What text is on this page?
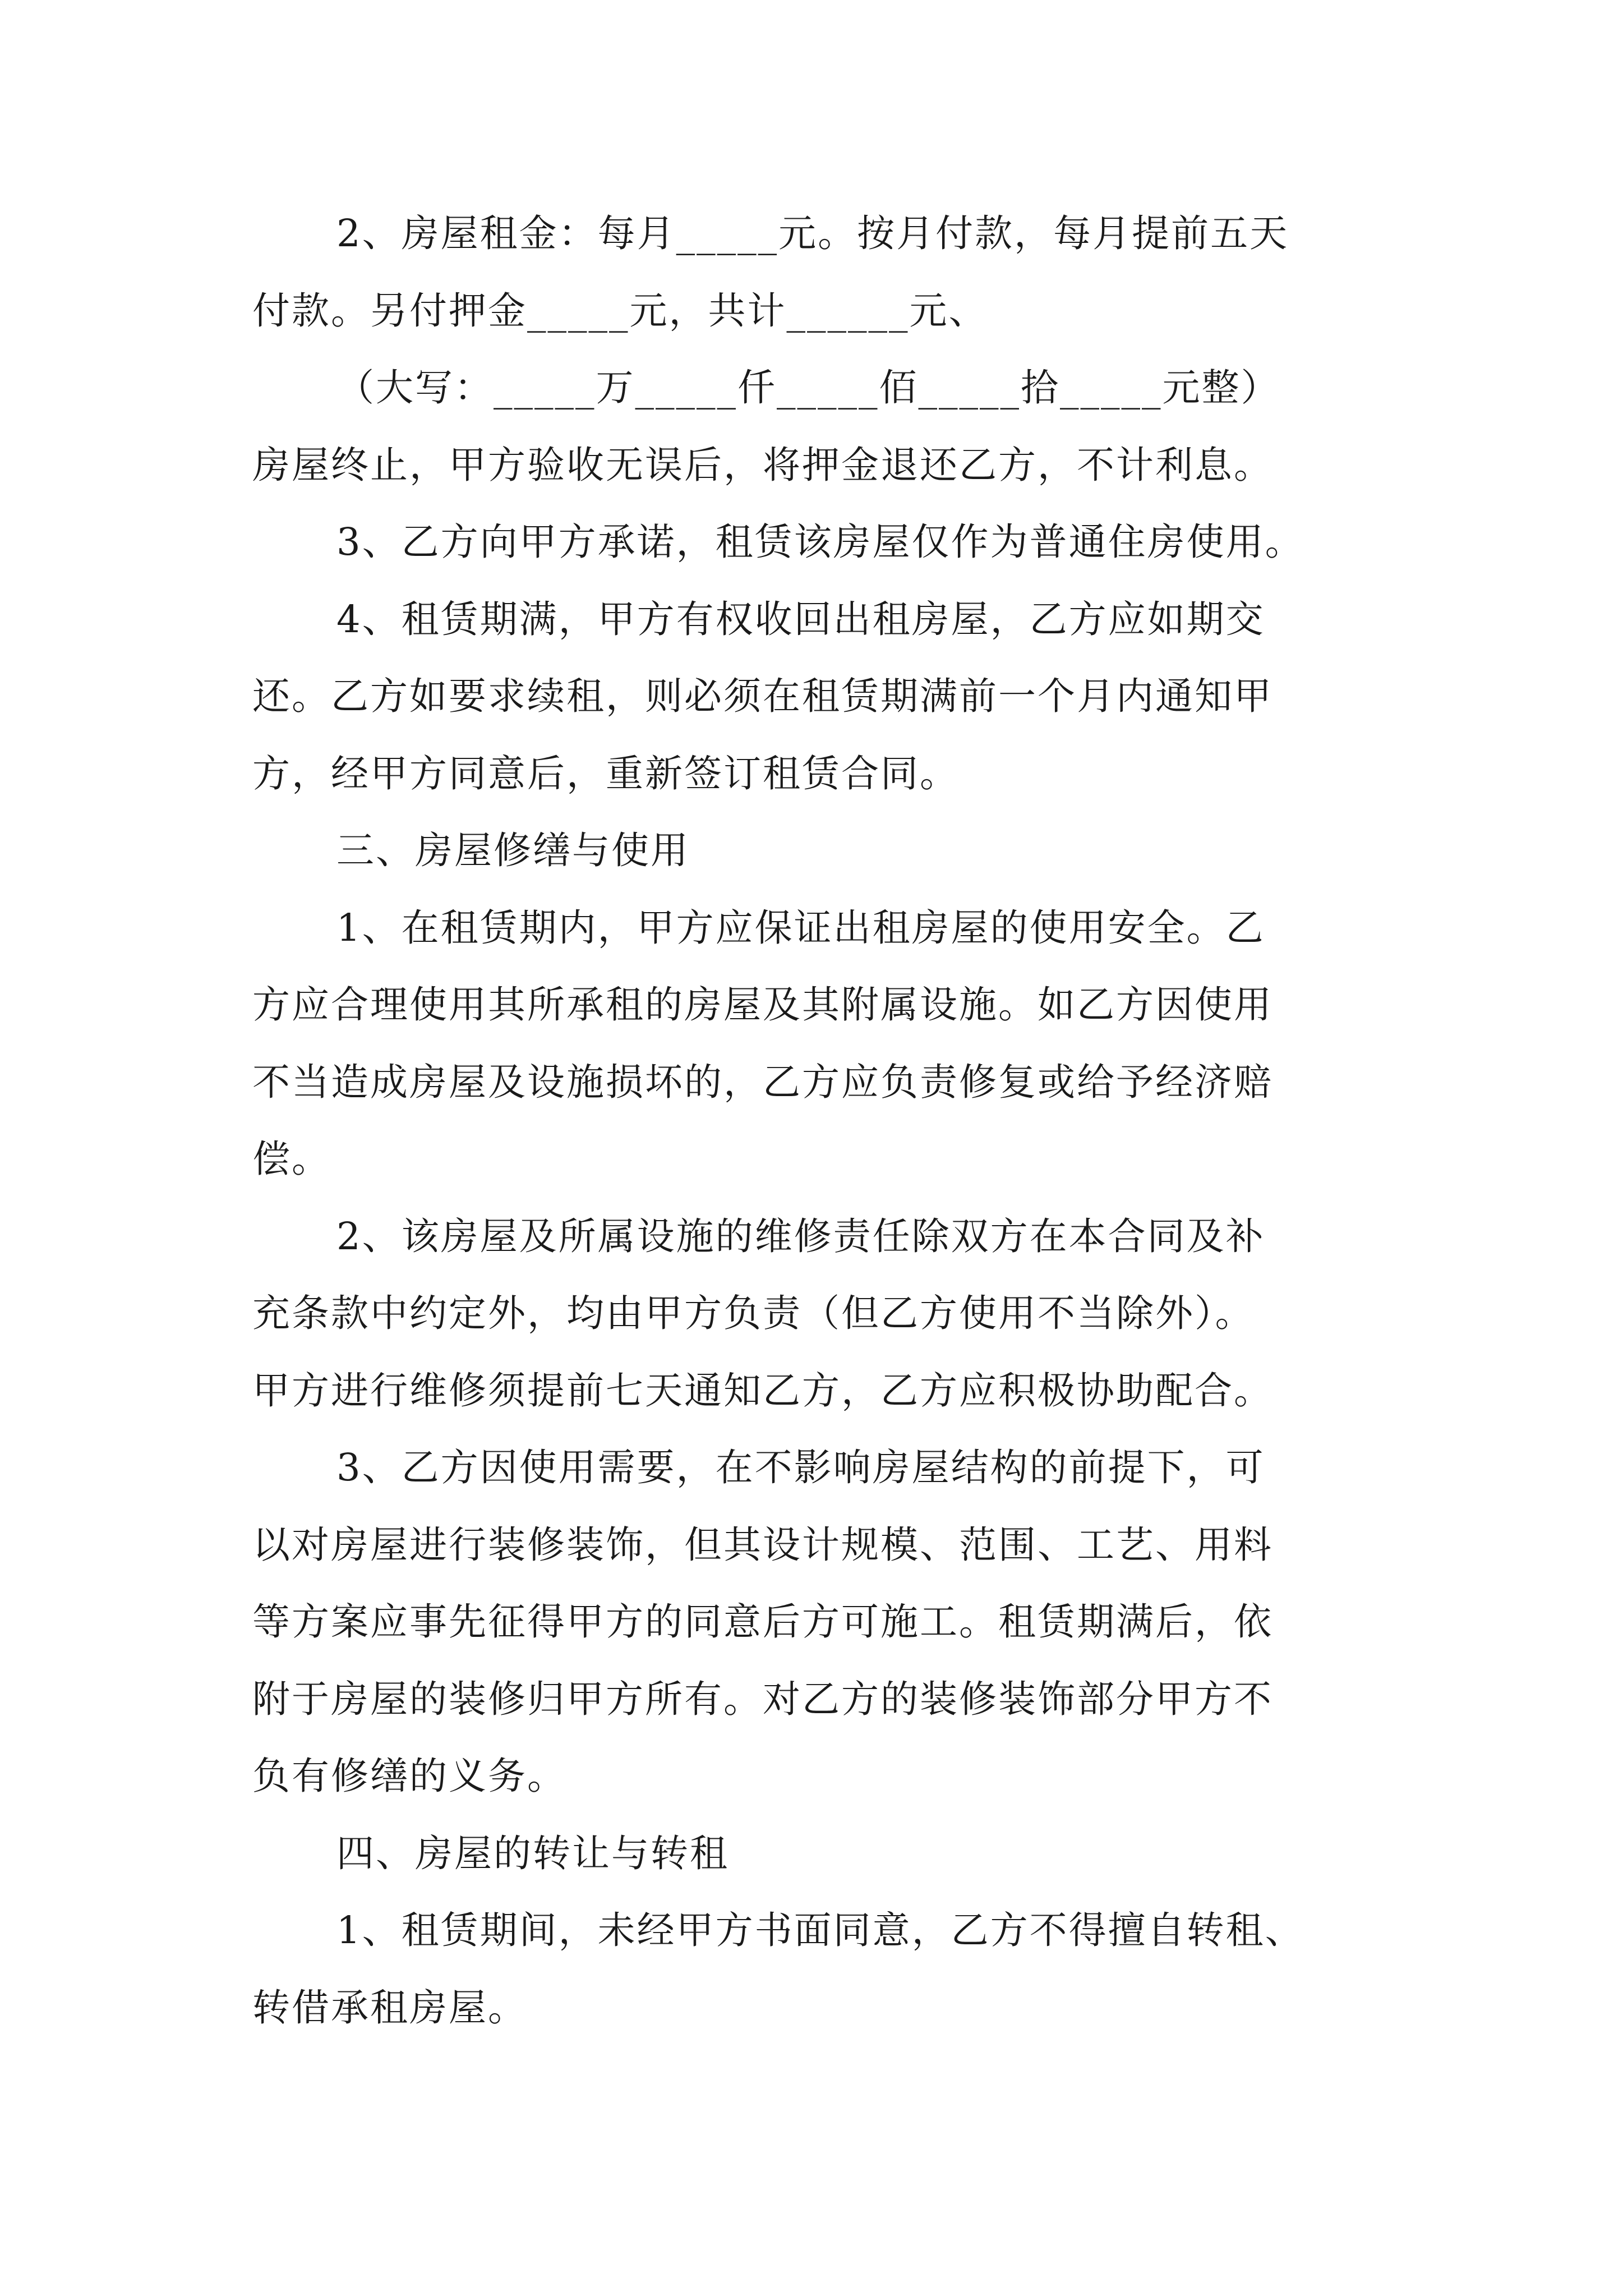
2、房屋租金：每月_____元。按月付款，每月提前五天
付款。另付押金_____元，共计______元、
（大写：_____万_____仟_____佰_____拾_____元整）
房屋终止，甲方验收无误后，将押金退还乙方，不计利息。
3、乙方向甲方承诺，租赁该房屋仅作为普通住房使用。
4、租赁期满，甲方有权收回出租房屋，乙方应如期交
还。乙方如要求续租，则必须在租赁期满前一个月内通知甲
方，经甲方同意后，重新签订租赁合同。
三、房屋修缮与使用
1、在租赁期内，甲方应保证出租房屋的使用安全。乙
方应合理使用其所承租的房屋及其附属设施。如乙方因使用
不当造成房屋及设施损坏的，乙方应负责修复或给予经济赔
偿。
2、该房屋及所属设施的维修责任除双方在本合同及补
充条款中约定外，均由甲方负责（但乙方使用不当除外）。
甲方进行维修须提前七天通知乙方，乙方应积极协助配合。
3、乙方因使用需要，在不影响房屋结构的前提下，可
以对房屋进行装修装饰，但其设计规模、范围、工艺、用料
等方案应事先征得甲方的同意后方可施工。租赁期满后，依
附于房屋的装修归甲方所有。对乙方的装修装饰部分甲方不
负有修缮的义务。
四、房屋的转让与转租
1、租赁期间，未经甲方书面同意，乙方不得擅自转租、
转借承租房屋。
